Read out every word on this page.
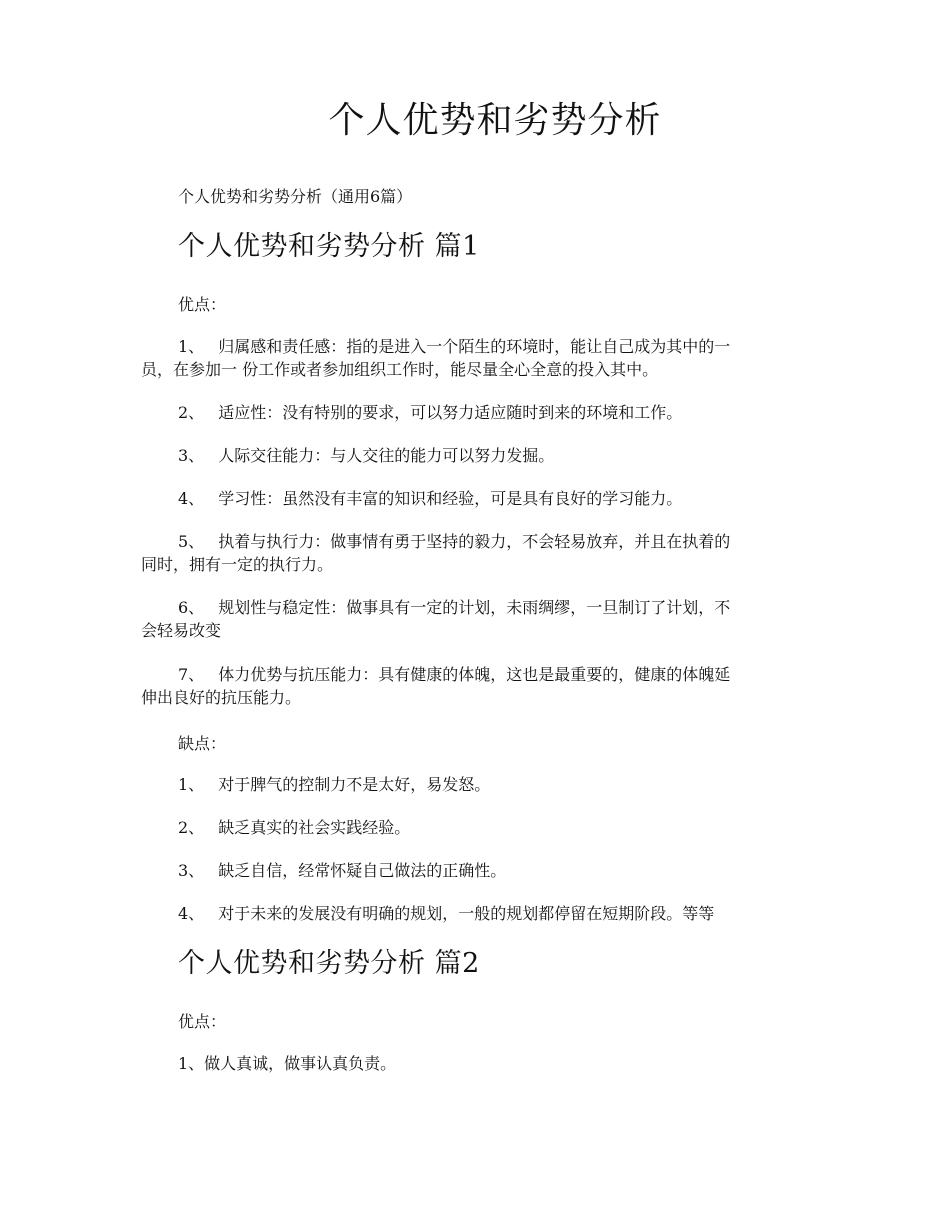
个人优势和劣势分析

个人优势和劣势分析（通用6篇）

个人优势和劣势分析 篇1

优点：

1、 归属感和责任感：指的是进入一个陌生的环境时，能让自己成为其中的一
员，在参加一 份工作或者参加组织工作时，能尽量全心全意的投入其中。

2、 适应性：没有特别的要求，可以努力适应随时到来的环境和工作。

3、 人际交往能力：与人交往的能力可以努力发掘。

4、 学习性：虽然没有丰富的知识和经验，可是具有良好的学习能力。

5、 执着与执行力：做事情有勇于坚持的毅力，不会轻易放弃，并且在执着的
同时，拥有一定的执行力。

6、 规划性与稳定性：做事具有一定的计划，未雨绸缪，一旦制订了计划，不
会轻易改变

7、 体力优势与抗压能力：具有健康的体魄，这也是最重要的，健康的体魄延
伸出良好的抗压能力。

缺点：

1、 对于脾气的控制力不是太好，易发怒。

2、 缺乏真实的社会实践经验。

3、 缺乏自信，经常怀疑自己做法的正确性。

4、 对于未来的发展没有明确的规划，一般的规划都停留在短期阶段。等等

个人优势和劣势分析 篇2

优点：

1、做人真诚，做事认真负责。
